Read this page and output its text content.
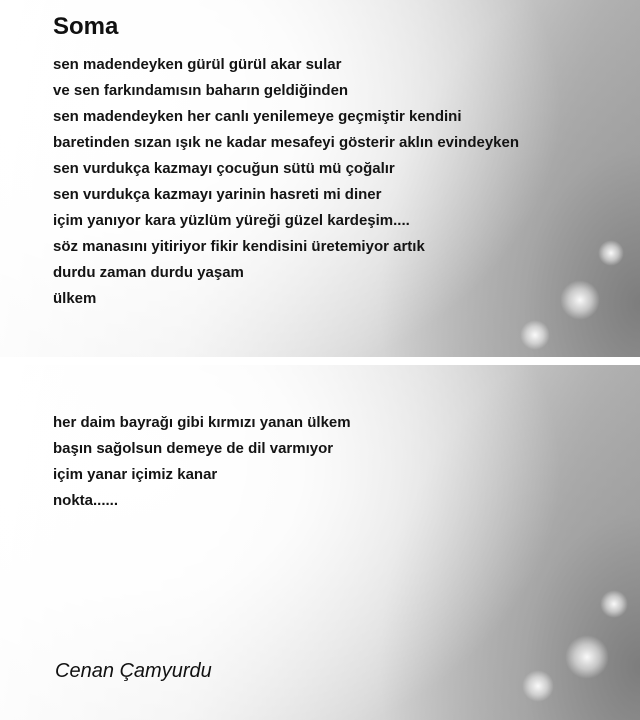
Soma
sen madendeyken gürül gürül akar sular
ve sen farkındamısın baharın geldiğinden
sen madendeyken her canlı yenilemeye geçmiştir kendini
baretinden sızan ışık ne kadar mesafeyi gösterir aklın evindeyken
sen vurdukça kazmayı çocuğun sütü mü çoğalır
sen vurdukça kazmayı yarinin hasreti mi diner
içim yanıyor kara yüzlüm yüreği güzel kardeşim....
söz manasını yitiriyor fikir kendisini üretemiyor artık
durdu zaman durdu yaşam
ülkem
her daim bayrağı gibi kırmızı yanan ülkem
başın sağolsun demeye de dil varmıyor
içim yanar içimiz kanar
nokta......
Cenan Çamyurdu
